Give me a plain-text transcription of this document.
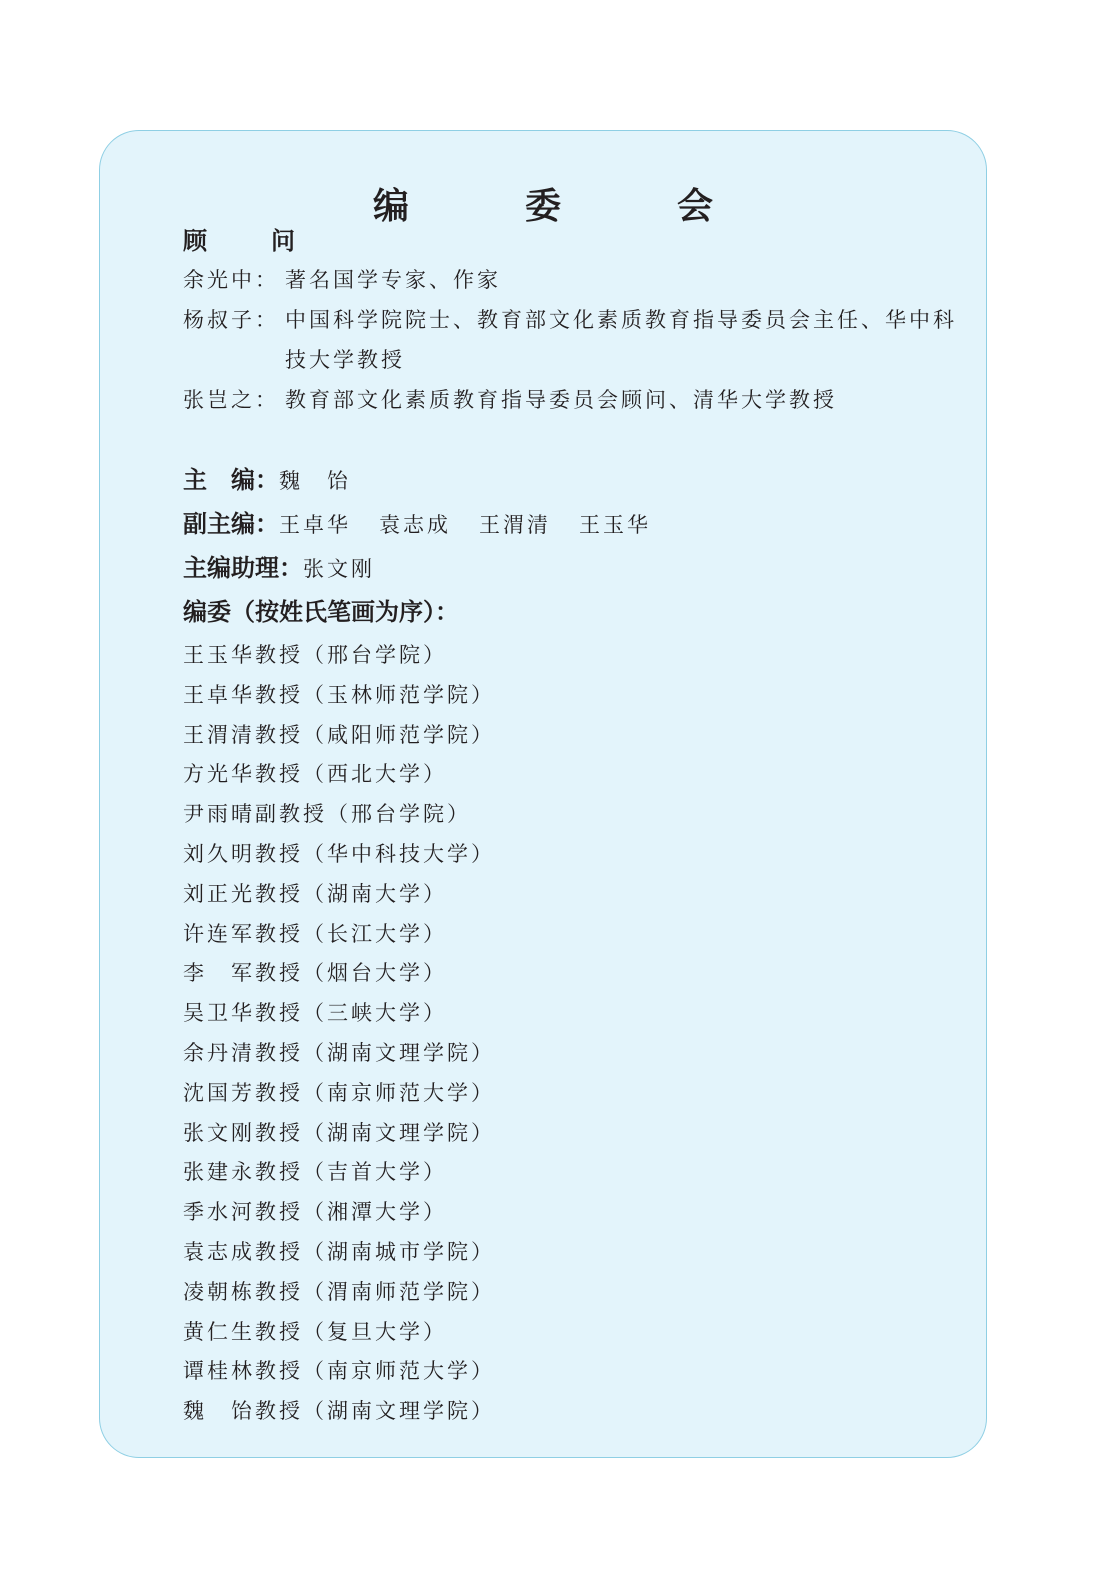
编　委　会
顾　问
余光中： 著名国学专家、作家
杨叔子： 中国科学院院士、教育部文化素质教育指导委员会主任、华中科技大学教授
张岂之： 教育部文化素质教育指导委员会顾问、清华大学教授
主　编： 魏　饴
副主编： 王卓华 袁志成 王渭清 王玉华
主编助理： 张文刚
编委（按姓氏笔画为序）：
王玉华教授（邢台学院）
王卓华教授（玉林师范学院）
王渭清教授（咸阳师范学院）
方光华教授（西北大学）
尹雨晴副教授（邢台学院）
刘久明教授（华中科技大学）
刘正光教授（湖南大学）
许连军教授（长江大学）
李　军教授（烟台大学）
吴卫华教授（三峡大学）
余丹清教授（湖南文理学院）
沈国芳教授（南京师范大学）
张文刚教授（湖南文理学院）
张建永教授（吉首大学）
季水河教授（湘潭大学）
袁志成教授（湖南城市学院）
凌朝栋教授（渭南师范学院）
黄仁生教授（复旦大学）
谭桂林教授（南京师范大学）
魏　饴教授（湖南文理学院）
